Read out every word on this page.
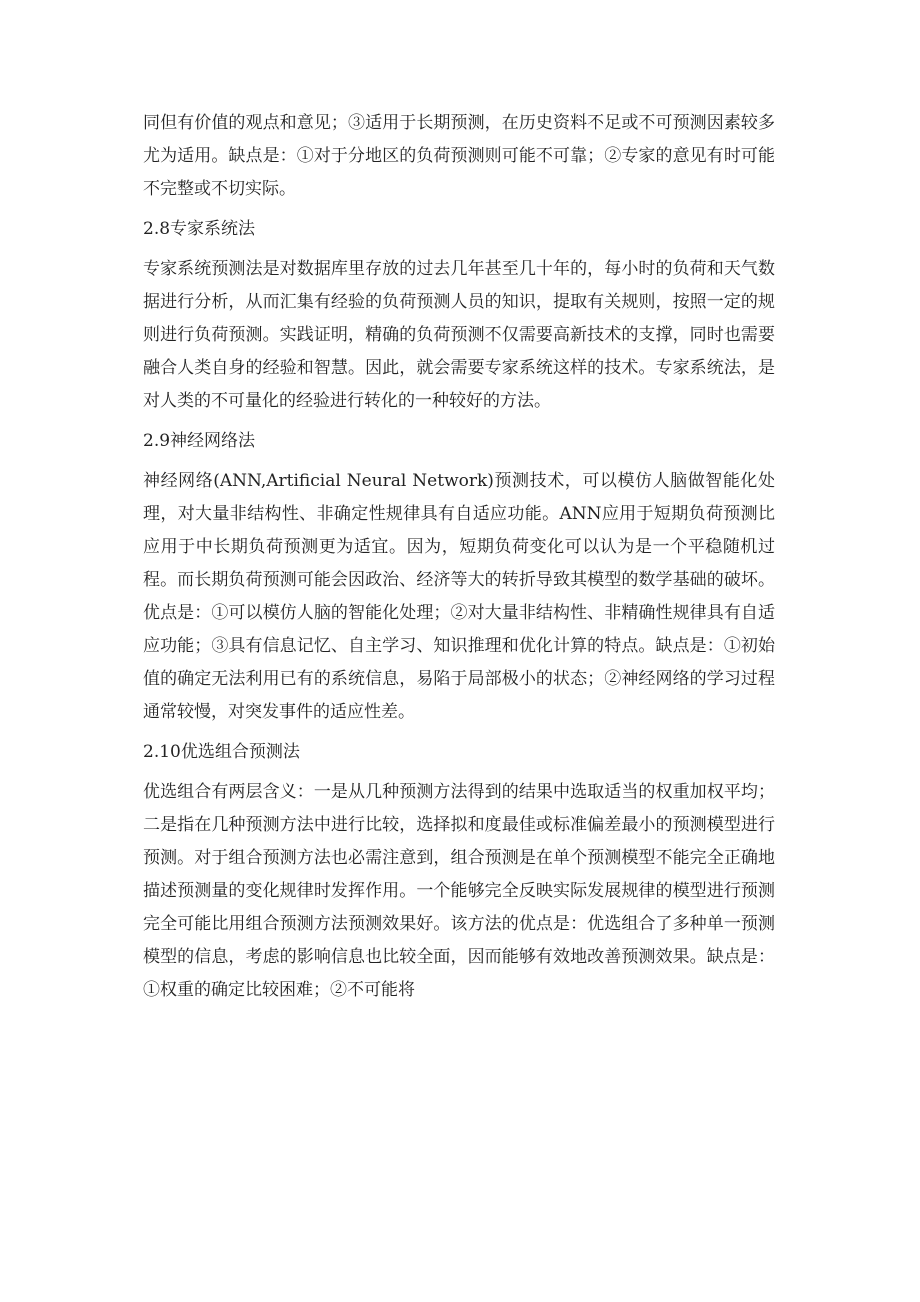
同但有价值的观点和意见；③适用于长期预测，在历史资料不足或不可预测因素较多尤为适用。缺点是：①对于分地区的负荷预测则可能不可靠；②专家的意见有时可能不完整或不切实际。

2.8专家系统法

专家系统预测法是对数据库里存放的过去几年甚至几十年的，每小时的负荷和天气数据进行分析，从而汇集有经验的负荷预测人员的知识，提取有关规则，按照一定的规则进行负荷预测。实践证明，精确的负荷预测不仅需要高新技术的支撑，同时也需要融合人类自身的经验和智慧。因此，就会需要专家系统这样的技术。专家系统法，是对人类的不可量化的经验进行转化的一种较好的方法。

2.9神经网络法

神经网络(ANN,Artificial Neural Network)预测技术，可以模仿人脑做智能化处理，对大量非结构性、非确定性规律具有自适应功能。ANN应用于短期负荷预测比应用于中长期负荷预测更为适宜。因为，短期负荷变化可以认为是一个平稳随机过程。而长期负荷预测可能会因政治、经济等大的转折导致其模型的数学基础的破坏。优点是：①可以模仿人脑的智能化处理；②对大量非结构性、非精确性规律具有自适应功能；③具有信息记忆、自主学习、知识推理和优化计算的特点。缺点是：①初始值的确定无法利用已有的系统信息，易陷于局部极小的状态；②神经网络的学习过程通常较慢，对突发事件的适应性差。

2.10优选组合预测法

优选组合有两层含义：一是从几种预测方法得到的结果中选取适当的权重加权平均；二是指在几种预测方法中进行比较，选择拟和度最佳或标准偏差最小的预测模型进行预测。对于组合预测方法也必需注意到，组合预测是在单个预测模型不能完全正确地描述预测量的变化规律时发挥作用。一个能够完全反映实际发展规律的模型进行预测完全可能比用组合预测方法预测效果好。该方法的优点是：优选组合了多种单一预测模型的信息，考虑的影响信息也比较全面，因而能够有效地改善预测效果。缺点是：①权重的确定比较困难；②不可能将
